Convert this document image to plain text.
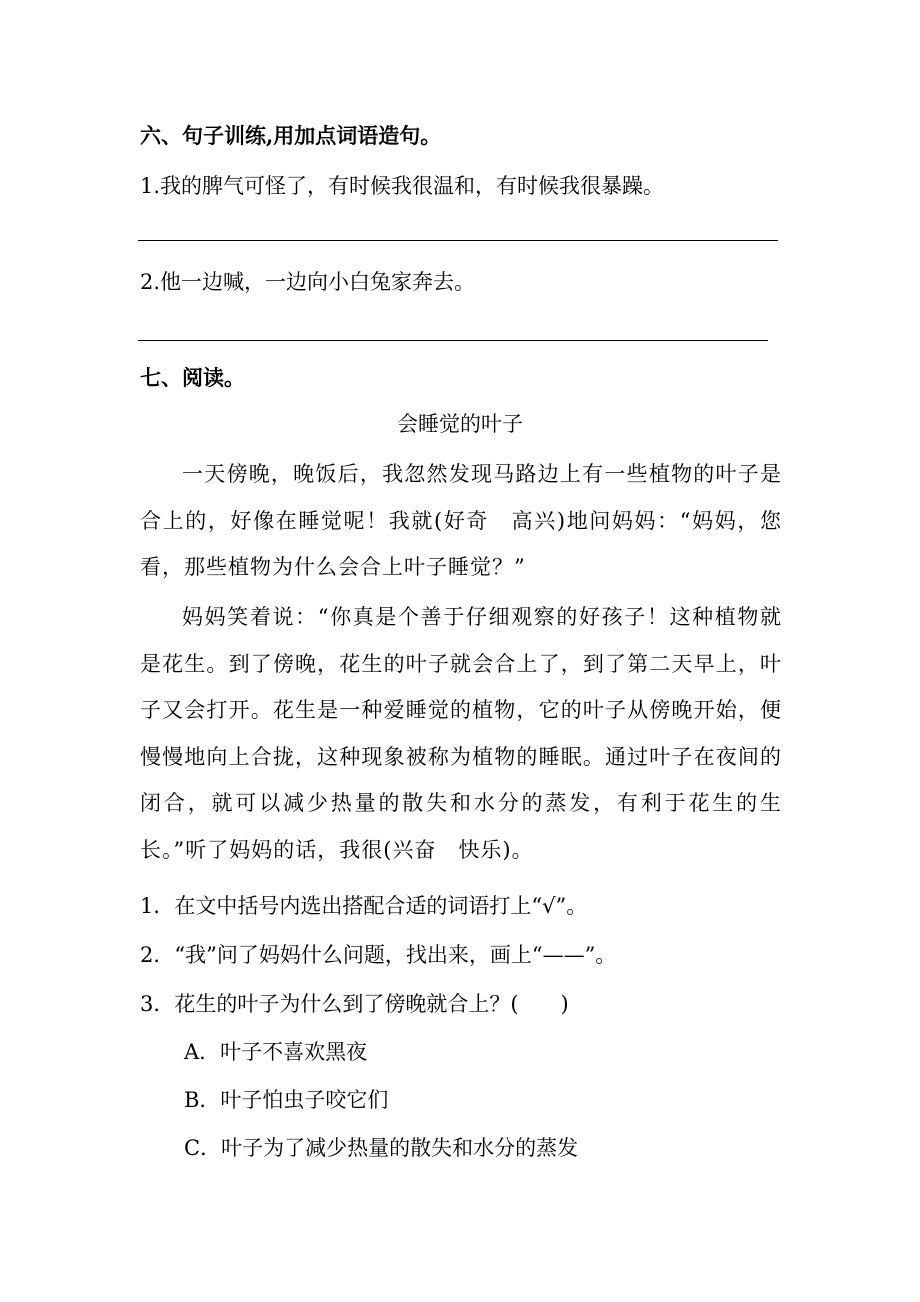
六、句子训练,用加点词语造句。
1.我的脾气可怪了，有时候我很温和，有时候我很暴躁。
2.他一边喊，一边向小白兔家奔去。
七、阅读。
会睡觉的叶子
一天傍晚，晚饭后，我忽然发现马路边上有一些植物的叶子是合上的，好像在睡觉呢！我就(好奇　高兴)地问妈妈：“妈妈，您看，那些植物为什么会合上叶子睡觉？”
妈妈笑着说：“你真是个善于仔细观察的好孩子！这种植物就是花生。到了傍晚，花生的叶子就会合上了，到了第二天早上，叶子又会打开。花生是一种爱睡觉的植物，它的叶子从傍晚开始，便慢慢地向上合拢，这种现象被称为植物的睡眠。通过叶子在夜间的闭合，就可以减少热量的散失和水分的蒸发，有利于花生的生长。”听了妈妈的话，我很(兴奋　快乐)。
1．在文中括号内选出搭配合适的词语打上“√”。
2．“我”问了妈妈什么问题，找出来，画上“——”。
3．花生的叶子为什么到了傍晚就合上？(　　)
A．叶子不喜欢黑夜
B．叶子怕虫子咬它们
C．叶子为了减少热量的散失和水分的蒸发
